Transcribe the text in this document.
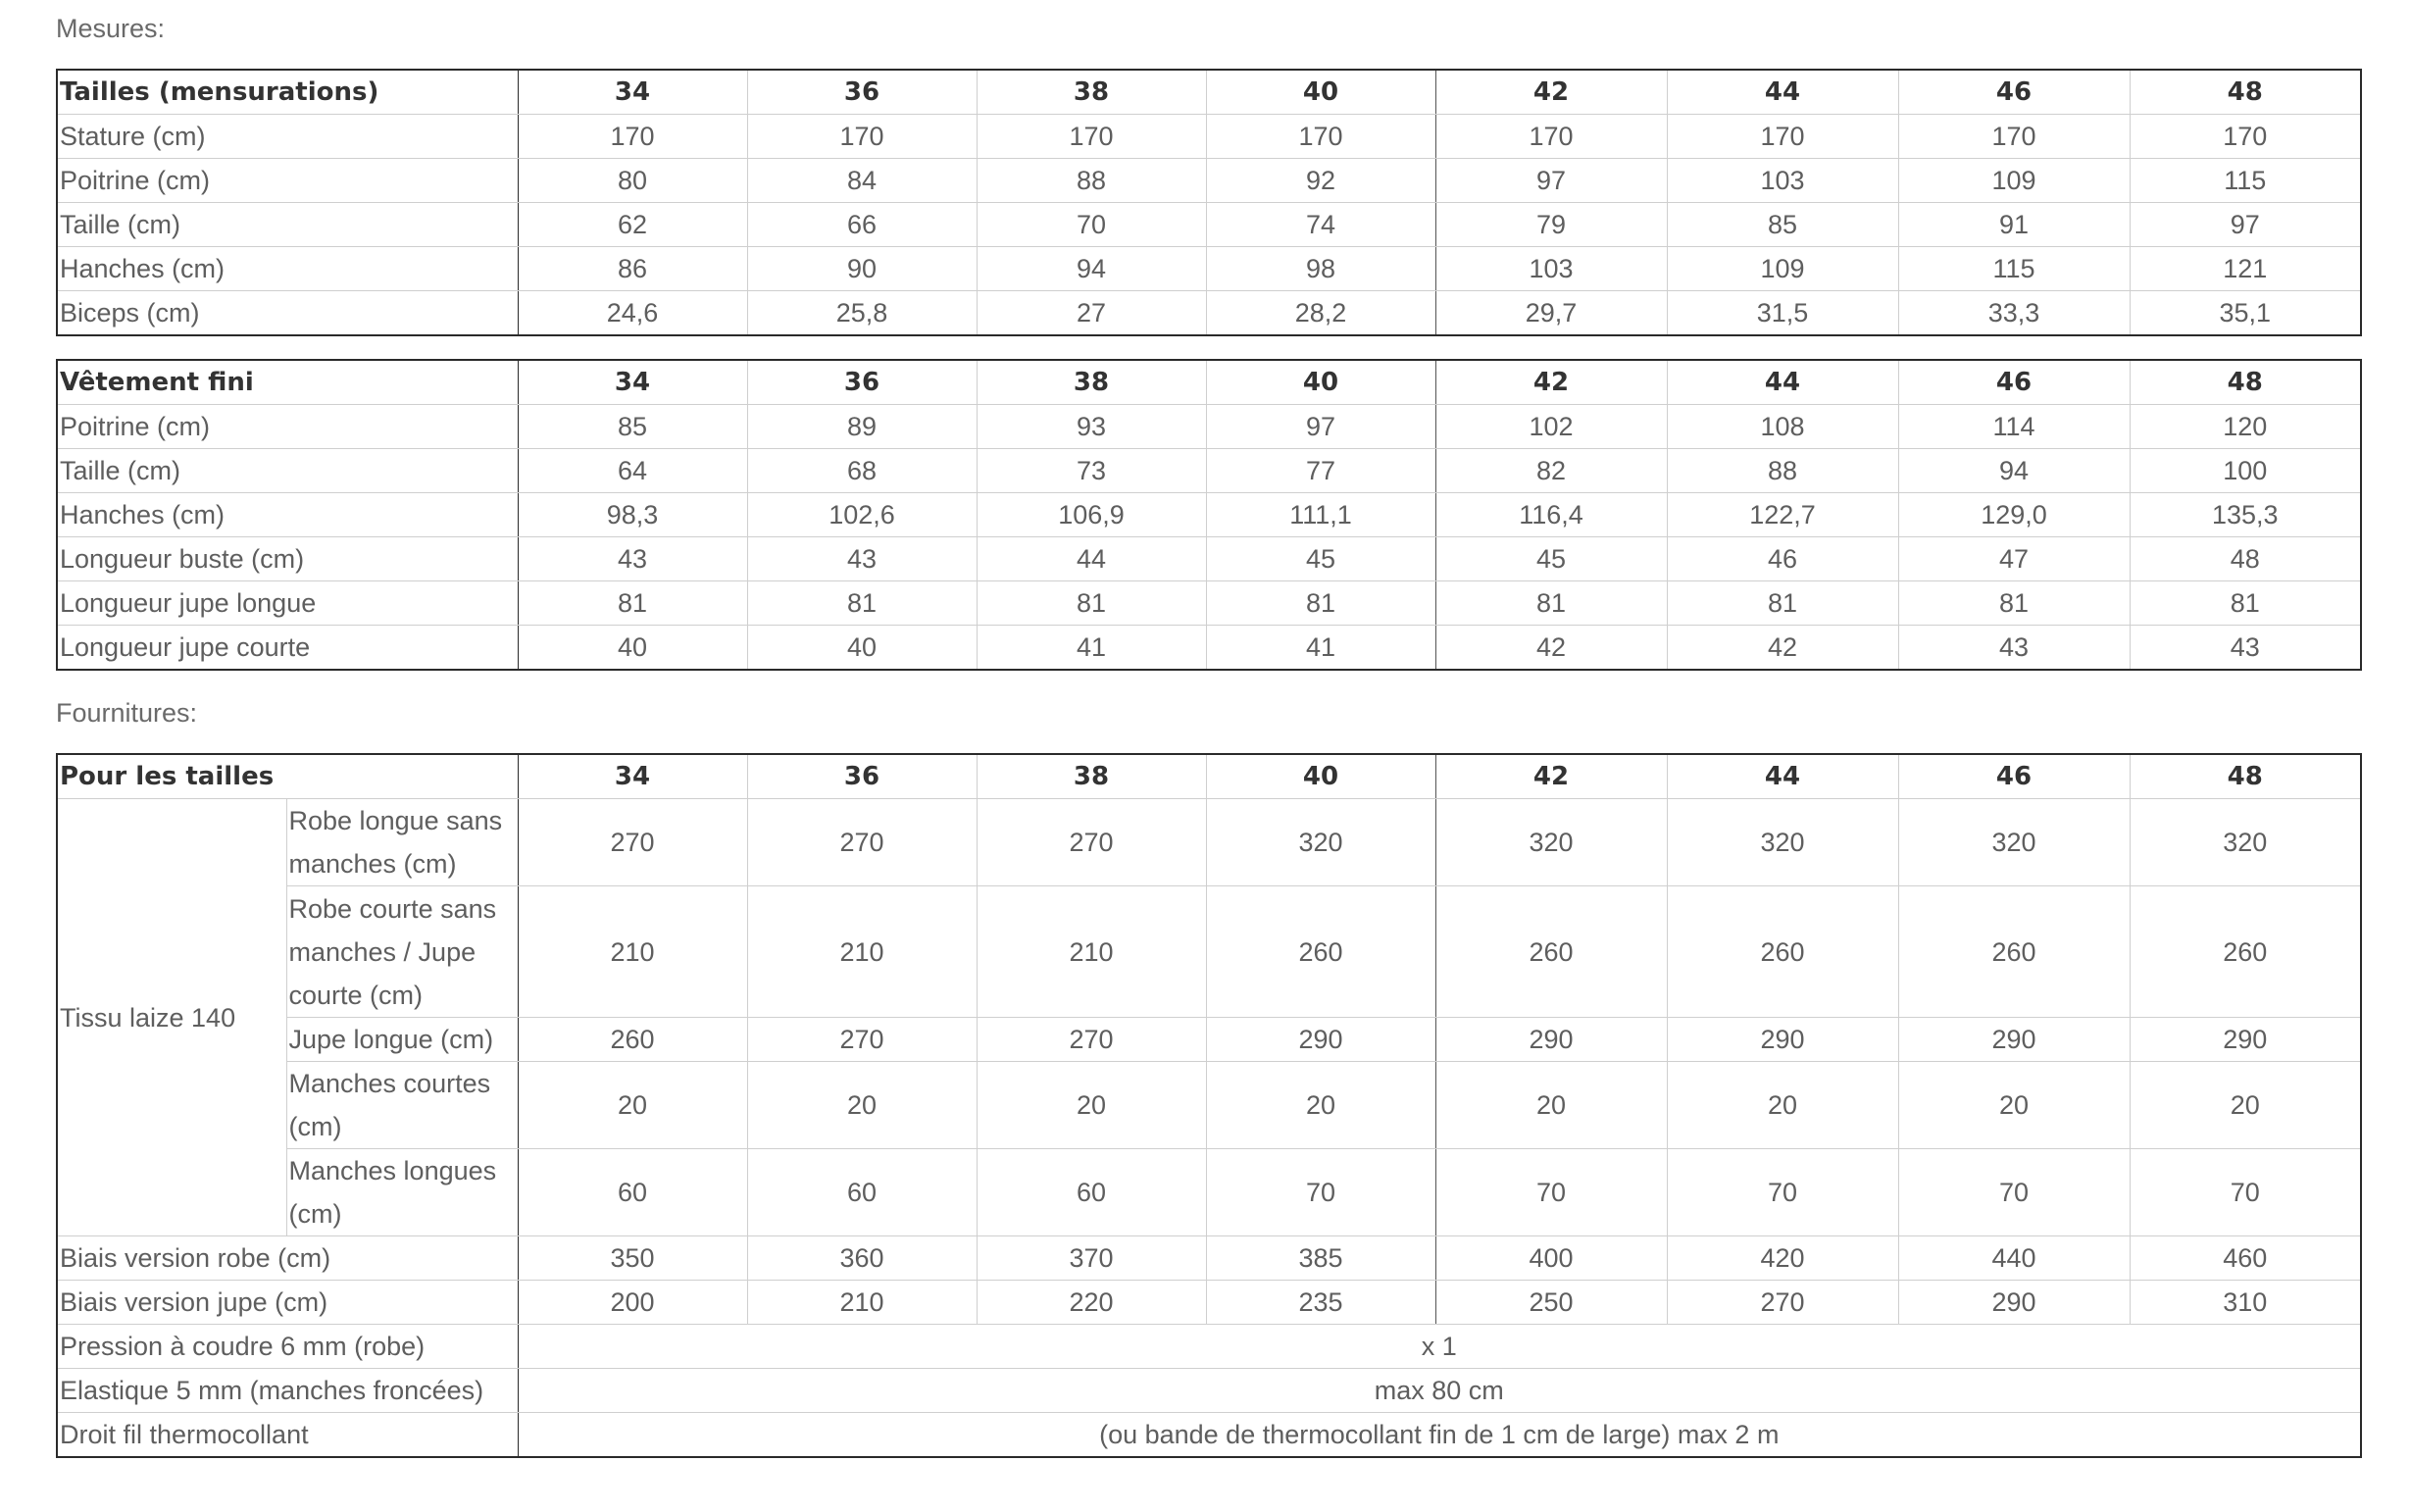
Mesures:
Tailles (mensurations)	34	36	38	40	42	44	46	48
Stature (cm)	170	170	170	170	170	170	170	170
Poitrine (cm)	80	84	88	92	97	103	109	115
Taille (cm)	62	66	70	74	79	85	91	97
Hanches (cm)	86	90	94	98	103	109	115	121
Biceps (cm)	24,6	25,8	27	28,2	29,7	31,5	33,3	35,1
Vêtement fini	34	36	38	40	42	44	46	48
Poitrine (cm)	85	89	93	97	102	108	114	120
Taille (cm)	64	68	73	77	82	88	94	100
Hanches (cm)	98,3	102,6	106,9	111,1	116,4	122,7	129,0	135,3
Longueur buste (cm)	43	43	44	45	45	46	47	48
Longueur jupe longue	81	81	81	81	81	81	81	81
Longueur jupe courte	40	40	41	41	42	42	43	43
Fournitures:
Pour les tailles		34	36	38	40	42	44	46	48
Tissu laize 140	Robe longue sans manches (cm)	270	270	270	320	320	320	320	320
	Robe courte sans manches / Jupe courte (cm)	210	210	210	260	260	260	260	260
	Jupe longue (cm)	260	270	270	290	290	290	290	290
	Manches courtes (cm)	20	20	20	20	20	20	20	20
	Manches longues (cm)	60	60	60	70	70	70	70	70
Biais version robe (cm)		350	360	370	385	400	420	440	460
Biais version jupe (cm)		200	210	220	235	250	270	290	310
Pression à coudre 6 mm (robe)		x 1							
Elastique 5 mm (manches froncées)		max 80 cm							
Droit fil thermocollant		(ou bande de thermocollant fin de 1 cm de large) max 2 m							
